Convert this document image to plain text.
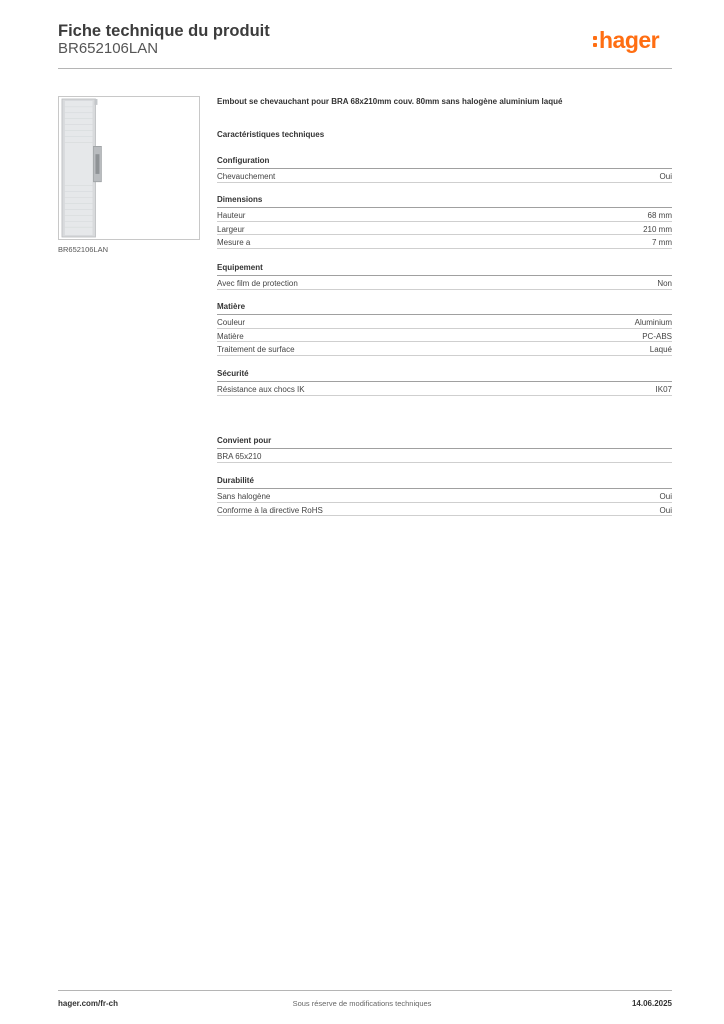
Fiche technique du produit
BR652106LAN	hager
BR652106LAN
Embout se chevauchant pour BRA 68x210mm couv. 80mm sans halogène aluminium laqué
Caractéristiques techniques
Configuration
Chevauchement	Oui
Dimensions
Hauteur	68 mm
Largeur	210 mm
Mesure a	7 mm
Equipement
Avec film de protection	Non
Matière
Couleur	Aluminium
Matière	PC-ABS
Traitement de surface	Laqué
Sécurité
Résistance aux chocs IK	IK07
Convient pour
BRA 65x210
Durabilité
Sans halogène	Oui
Conforme à la directive RoHS	Oui
hager.com/fr-ch	Sous réserve de modifications techniques	14.06.2025
